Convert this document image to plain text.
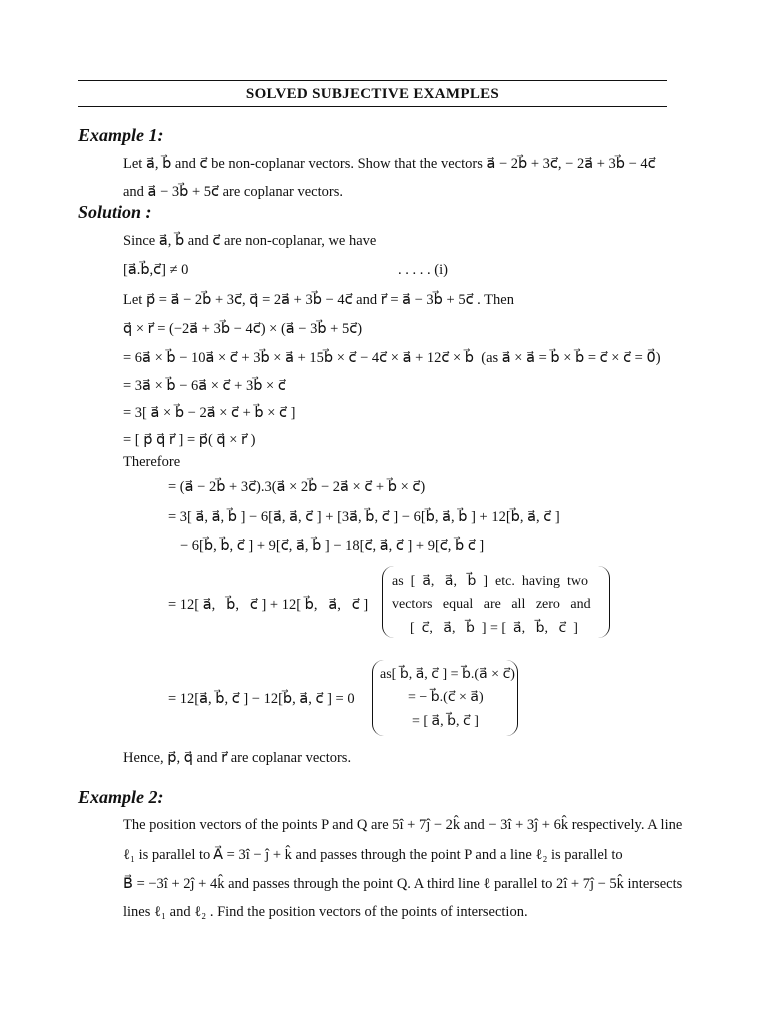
SOLVED SUBJECTIVE EXAMPLES
Example 1:
Let a⃗, b⃗ and c⃗ be non-coplanar vectors. Show that the vectors a⃗ − 2b⃗ + 3c⃗, − 2a⃗ + 3b⃗ − 4c⃗
and a⃗ − 3b⃗ + 5c⃗ are coplanar vectors.
Solution :
Since a⃗, b⃗ and c⃗ are non-coplanar, we have
[a⃗.b⃗,c⃗] ≠ 0	. . . . . (i)
Let p⃗ = a⃗ − 2b⃗ + 3c⃗, q⃗ = 2a⃗ + 3b⃗ − 4c⃗ and r⃗ = a⃗ − 3b⃗ + 5c⃗ . Then
q⃗ × r⃗ = (−2a⃗ + 3b⃗ − 4c⃗) × (a⃗ − 3b⃗ + 5c⃗)
= 6a⃗ × b⃗ − 10a⃗ × c⃗ + 3b⃗ × a⃗ + 15b⃗ × c⃗ − 4c⃗ × a⃗ + 12c⃗ × b⃗  (as a⃗ × a⃗ = b⃗ × b⃗ = c⃗ × c⃗ = 0⃗)
= 3a⃗ × b⃗ − 6a⃗ × c⃗ + 3b⃗ × c⃗
= 3[ a⃗ × b⃗ − 2a⃗ × c⃗ + b⃗ × c⃗ ]
= [ p⃗ q⃗ r⃗ ] = p⃗( q⃗ × r⃗ )
Therefore
= (a⃗ − 2b⃗ + 3c⃗).3(a⃗ × 2b⃗ − 2a⃗ × c⃗ + b⃗ × c⃗)
= 3[ a⃗, a⃗, b⃗ ] − 6[a⃗, a⃗, c⃗ ] + [3a⃗, b⃗, c⃗ ] − 6[b⃗, a⃗, b⃗ ] + 12[b⃗, a⃗, c⃗ ]
− 6[b⃗, b⃗, c⃗ ] + 9[c⃗, a⃗, b⃗ ] − 18[c⃗, a⃗, c⃗ ] + 9[c⃗, b⃗ c⃗ ]
= 12[ a⃗,   b⃗,   c⃗ ] + 12[ b⃗,   a⃗,   c⃗ ]
as  [  a⃗,   a⃗,   b⃗  ]  etc.  having  two
vectors   equal   are   all   zero   and
[  c⃗,   a⃗,   b⃗  ] = [  a⃗,   b⃗,   c⃗  ]
= 12[a⃗, b⃗, c⃗ ] − 12[b⃗, a⃗, c⃗ ] = 0
as[ b⃗, a⃗, c⃗ ] = b⃗.(a⃗ × c⃗)
= − b⃗.(c⃗ × a⃗)
= [ a⃗, b⃗, c⃗ ]
Hence, p⃗, q⃗ and r⃗ are coplanar vectors.
Example 2:
The position vectors of the points P and Q are 5î + 7ĵ − 2k̂ and − 3î + 3ĵ + 6k̂ respectively. A line
ℓ₁ is parallel to A⃗ = 3î − ĵ + k̂ and passes through the point P and a line ℓ₂ is parallel to
B⃗ = −3î + 2ĵ + 4k̂ and passes through the point Q. A third line ℓ parallel to 2î + 7ĵ − 5k̂ intersects
lines ℓ₁ and ℓ₂ . Find the position vectors of the points of intersection.
